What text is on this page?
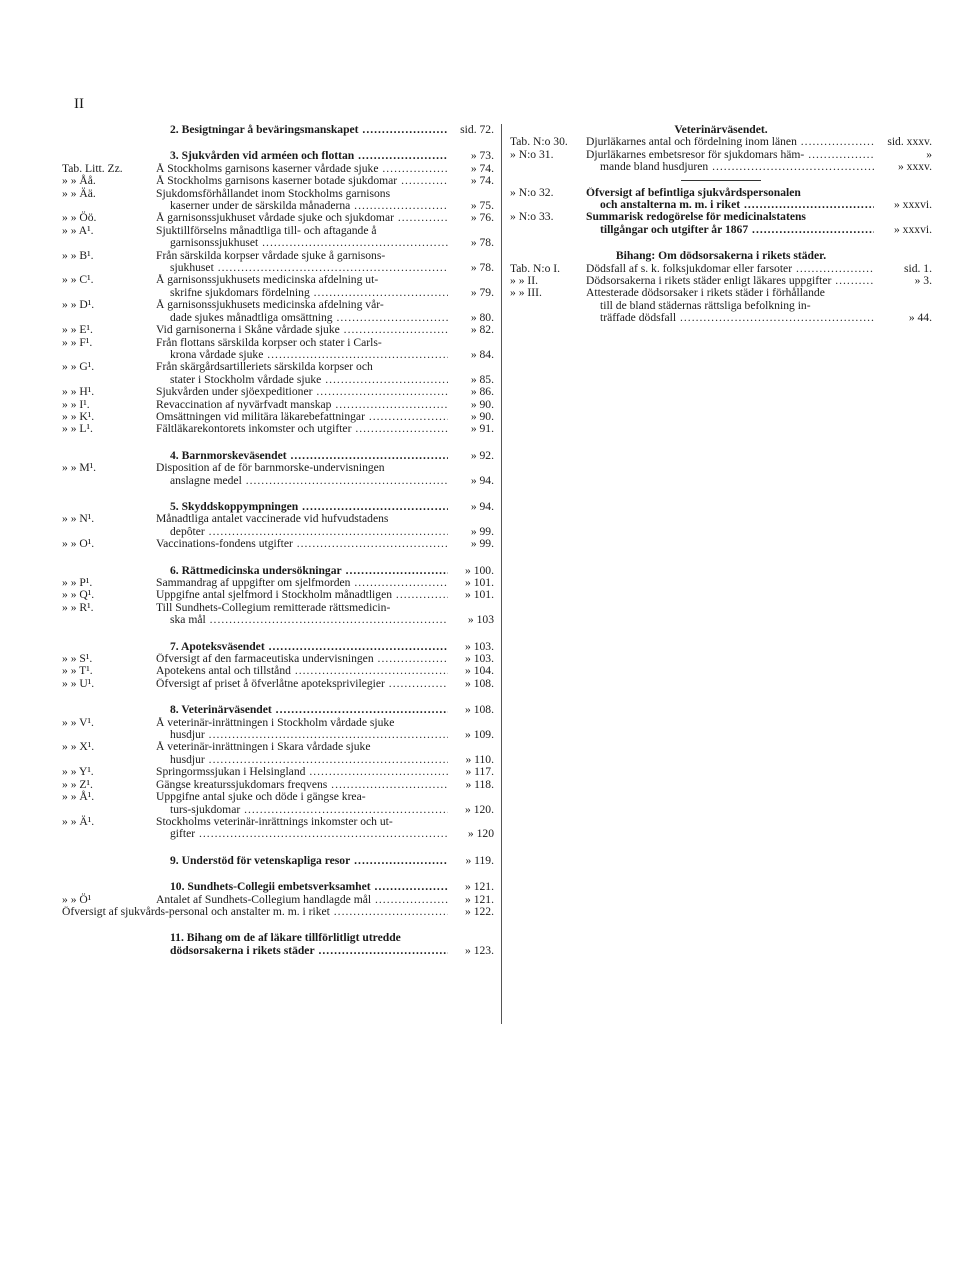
II
2. Besigtningar å beväringsmanskapet .....	sid. 72.
3. Sjukvården vid arméen och flottan .....	» 73.
Tab. Litt. Zz.	Å Stockholms garnisons kaserner vårdade sjuke .....	» 74.
» » Åå.	Å Stockholms garnisons kaserner botade sjukdomar .....	» 74.
» » Ää.	Sjukdomsförhållandet inom Stockholms garnisons
kaserner under de särskilda månaderna .....	» 75.
» » Öö.	Å garnisonssjukhuset vårdade sjuke och sjukdomar .....	» 76.
» » A¹.	Sjuktillförselns månadtliga till- och aftagande å
garnisonssjukhuset .....	» 78.
» » B¹.	Från särskilda korpser vårdade sjuke å garnisons-
sjukhuset .....	» 78.
» » C¹.	Å garnisonssjukhusets medicinska afdelning ut-
skrifne sjukdomars fördelning .....	» 79.
» » D¹.	Å garnisonssjukhusets medicinska afdelning vår-
dade sjukes månadtliga omsättning .....	» 80.
» » E¹.	Vid garnisonerna i Skåne vårdade sjuke .....	» 82.
» » F¹.	Från flottans särskilda korpser och stater i Carls-
krona vårdade sjuke .....	» 84.
» » G¹.	Från skärgårdsartilleriets särskilda korpser och
stater i Stockholm vårdade sjuke .....	» 85.
» » H¹.	Sjukvården under sjöexpeditioner .....	» 86.
» » I¹.	Revaccination af nyvärfvadt manskap .....	» 90.
» » K¹.	Omsättningen vid militära läkarebefattningar .....	» 90.
» » L¹.	Fältläkarekontorets inkomster och utgifter .....	» 91.
4. Barnmorskeväsendet .....	» 92.
» » M¹.	Disposition af de för barnmorske-undervisningen
anslagne medel .....	» 94.
5. Skyddskoppympningen .....	» 94.
» » N¹.	Månadtliga antalet vaccinerade vid hufvudstadens
depôter .....	» 99.
» » O¹.	Vaccinations-fondens utgifter .....	» 99.
6. Rättmedicinska undersökningar .....	» 100.
» » P¹.	Sammandrag af uppgifter om sjelfmorden .....	» 101.
» » Q¹.	Uppgifne antal sjelfmord i Stockholm månadtligen .....	» 101.
» » R¹.	Till Sundhets-Collegium remitterade rättsmedicin-
ska mål .....	» 103
7. Apoteksväsendet .....	» 103.
» » S¹.	Öfversigt af den farmaceutiska undervisningen .....	» 103.
» » T¹.	Apotekens antal och tillstånd .....	» 104.
» » U¹.	Öfversigt af priset å öfverlåtne apoteksprivilegier .....	» 108.
8. Veterinärväsendet .....	» 108.
» » V¹.	Å veterinär-inrättningen i Stockholm vårdade sjuke
husdjur .....	» 109.
» » X¹.	Å veterinär-inrättningen i Skara vårdade sjuke
husdjur .....	» 110.
» » Y¹.	Springormssjukan i Helsingland .....	» 117.
» » Z¹.	Gängse kreaturssjukdomars freqvens .....	» 118.
» » Å¹.	Uppgifne antal sjuke och döde i gängse krea-
turs-sjukdomar .....	» 120.
» » Ä¹.	Stockholms veterinär-inrättnings inkomster och ut-
gifter .....	» 120
9. Understöd för vetenskapliga resor .....	» 119.
10. Sundhets-Collegii embetsverksamhet .....	» 121.
» » Ö¹	Antalet af Sundhets-Collegium handlagde mål .....	» 121.
Öfversigt af sjukvårds-personal och anstalter m. m. i riket .....	» 122.
11. Bihang om de af läkare tillförlitligt utredde
dödsorsakerna i rikets städer .....	» 123.
Veterinärväsendet.
Tab. N:o 30.	Djurläkarnes antal och fördelning inom länen .....	sid. xxxv.
» N:o 31.	Djurläkarnes embetsresor för sjukdomars häm- .....	»
mande bland husdjuren .....	» xxxv.
» N:o 32.	Öfversigt af befintliga sjukvårdspersonalen
och anstalterna m. m. i riket .....	» xxxvi.
» N:o 33.	Summarisk redogörelse för medicinalstatens
tillgångar och utgifter år 1867 .....	» xxxvi.
Bihang: Om dödsorsakerna i rikets städer.
Tab. N:o I.	Dödsfall af s. k. folksjukdomar eller farsoter .....	sid. 1.
» » II.	Dödsorsakerna i rikets städer enligt läkares uppgifter .....	» 3.
» » III.	Attesterade dödsorsaker i rikets städer i förhållande
till de bland städernas rättsliga befolkning in-
träffade dödsfall .....	» 44.
